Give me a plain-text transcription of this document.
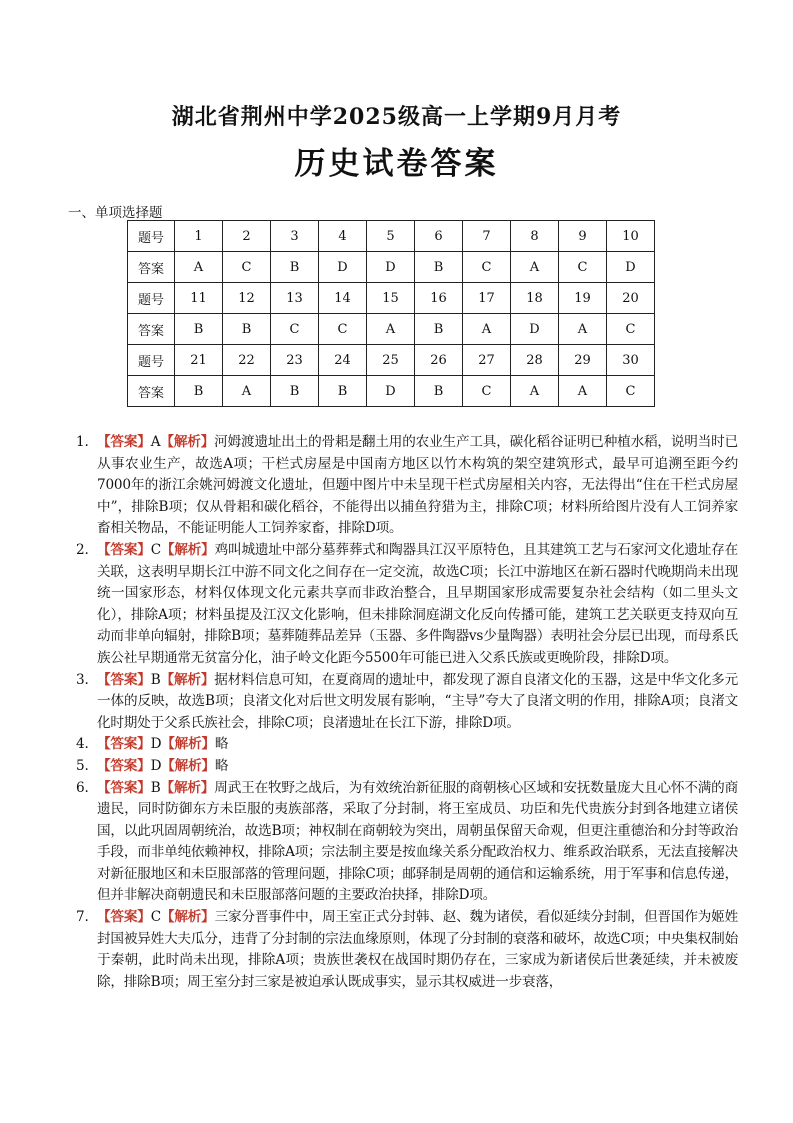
湖北省荆州中学2025级高一上学期9月月考
历史试卷答案
一、单项选择题
题号	1	2	3	4	5	6	7	8	9	10
答案	A	C	B	D	D	B	C	A	C	D
题号	11	12	13	14	15	16	17	18	19	20
答案	B	B	C	C	A	B	A	D	A	C
题号	21	22	23	24	25	26	27	28	29	30
答案	B	A	B	B	D	B	C	A	A	C
1. 【答案】A【解析】河姆渡遗址出土的骨耜是翻土用的农业生产工具，碳化稻谷证明已种植水稻，说明当时已从事农业生产，故选A项；干栏式房屋是中国南方地区以竹木构筑的架空建筑形式，最早可追溯至距今约7000年的浙江余姚河姆渡文化遗址，但题中图片中未呈现干栏式房屋相关内容，无法得出“住在干栏式房屋中”，排除B项；仅从骨耜和碳化稻谷，不能得出以捕鱼狩猎为主，排除C项；材料所给图片没有人工饲养家畜相关物品，不能证明能人工饲养家畜，排除D项。
2. 【答案】C【解析】鸡叫城遗址中部分墓葬葬式和陶器具江汉平原特色，且其建筑工艺与石家河文化遗址存在关联，这表明早期长江中游不同文化之间存在一定交流，故选C项；长江中游地区在新石器时代晚期尚未出现统一国家形态，材料仅体现文化元素共享而非政治整合，且早期国家形成需要复杂社会结构（如二里头文化），排除A项；材料虽提及江汉文化影响，但未排除洞庭湖文化反向传播可能，建筑工艺关联更支持双向互动而非单向辐射，排除B项；墓葬随葬品差异（玉器、多件陶器vs少量陶器）表明社会分层已出现，而母系氏族公社早期通常无贫富分化，油子岭文化距今5500年可能已进入父系氏族或更晚阶段，排除D项。
3. 【答案】B【解析】据材料信息可知，在夏商周的遗址中，都发现了源自良渚文化的玉器，这是中华文化多元一体的反映，故选B项；良渚文化对后世文明发展有影响，“主导”夸大了良渚文明的作用，排除A项；良渚文化时期处于父系氏族社会，排除C项；良渚遗址在长江下游，排除D项。
4. 【答案】D【解析】略
5. 【答案】D【解析】略
6. 【答案】B【解析】周武王在牧野之战后，为有效统治新征服的商朝核心区域和安抚数量庞大且心怀不满的商遗民，同时防御东方未臣服的夷族部落，采取了分封制，将王室成员、功臣和先代贵族分封到各地建立诸侯国，以此巩固周朝统治，故选B项；神权制在商朝较为突出，周朝虽保留天命观，但更注重德治和分封等政治手段，而非单纯依赖神权，排除A项；宗法制主要是按血缘关系分配政治权力、维系政治联系，无法直接解决对新征服地区和未臣服部落的管理问题，排除C项；邮驿制是周朝的通信和运输系统，用于军事和信息传递，但并非解决商朝遗民和未臣服部落问题的主要政治抉择，排除D项。
7. 【答案】C【解析】三家分晋事件中，周王室正式分封韩、赵、魏为诸侯，看似延续分封制，但晋国作为姬姓封国被异姓大夫瓜分，违背了分封制的宗法血缘原则，体现了分封制的衰落和破坏，故选C项；中央集权制始于秦朝，此时尚未出现，排除A项；贵族世袭权在战国时期仍存在，三家成为新诸侯后世袭延续，并未被废除，排除B项；周王室分封三家是被迫承认既成事实，显示其权威进一步衰落，
